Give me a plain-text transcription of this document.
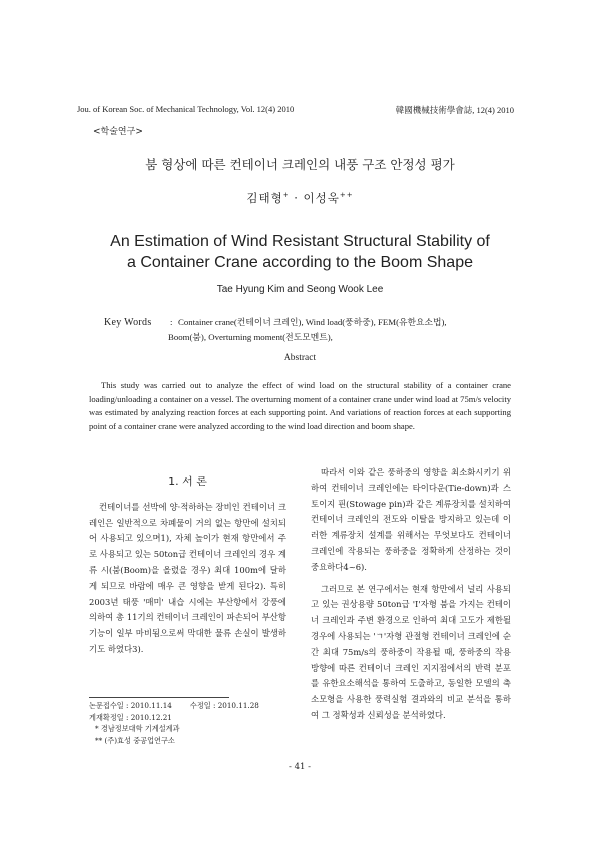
Jou. of Korean Soc. of Mechanical Technology, Vol. 12(4) 2010	韓國機械技術學會誌, 12(4) 2010
<학술연구>
붐 형상에 따른 컨테이너 크레인의 내풍 구조 안정성 평가
김태형+ · 이성욱++
An Estimation of Wind Resistant Structural Stability of
a Container Crane according to the Boom Shape
Tae Hyung Kim and Seong Wook Lee
Key Words : Container crane(컨테이너 크레인), Wind load(풍하중), FEM(유한요소법),
Boom(붐), Overturning moment(전도모멘트),
Abstract
This study was carried out to analyze the effect of wind load on the structural stability of a container crane loading/unloading a container on a vessel. The overturning moment of a container crane under wind load at 75m/s velocity was estimated by analyzing reaction forces at each supporting point. And variations of reaction forces at each supporting point of a container crane were analyzed according to the wind load direction and boom shape.
1. 서 론

컨테이너를 선박에 양·적하하는 장비인 컨테이너 크레인은 일반적으로 차폐물이 거의 없는 항만에 설치되어 사용되고 있으며1), 자체 높이가 현재 항만에서 주로 사용되고 있는 50ton급 컨테이너 크레인의 경우 계류 시(붐(Boom)을 올렸을 경우) 최대 100m에 달하게 되므로 바람에 매우 큰 영향을 받게 된다2). 특히 2003년 태풍 '매미' 내습 시에는 부산항에서 강풍에 의하여 총 11기의 컨테이너 크레인이 파손되어 부산항 기능이 일부 마비됨으로써 막대한 물류 손실이 발생하기도 하였다3).

따라서 이와 같은 풍하중의 영향을 최소화시키기 위하여 컨테이너 크레인에는 타이다운(Tie-down)과 스토이지 핀(Stowage pin)과 같은 계류장치를 설치하여 컨테이너 크레인의 전도와 이탈을 방지하고 있는데 이러한 계류장치 설계를 위해서는 무엇보다도 컨테이너 크레인에 작용되는 풍하중을 정확하게 산정하는 것이 중요하다4~6).

그러므로 본 연구에서는 현재 항만에서 널리 사용되고 있는 권상용량 50ton급 'I'자형 붐을 가지는 컨테이너 크레인과 주변 환경으로 인하여 최대 고도가 제한될 경우에 사용되는 'ㄱ'자형 관절형 컨테이너 크레인에 순간 최대 75m/s의 풍하중이 작용될 때, 풍하중의 작용방향에 따른 컨테이너 크레인 지지점에서의 반력 분포를 유한요소해석을 통하여 도출하고, 동일한 모델의 축소모형을 사용한 풍력실험 결과와의 비교 분석을 통하여 그 정확성과 신뢰성을 분석하였다.

논문접수일 : 2010.11.14	수정일 : 2010.11.28
게재확정일 : 2010.12.21
* 경남정보대학 기계설계과
** (주)효성 중공업연구소
- 41 -
